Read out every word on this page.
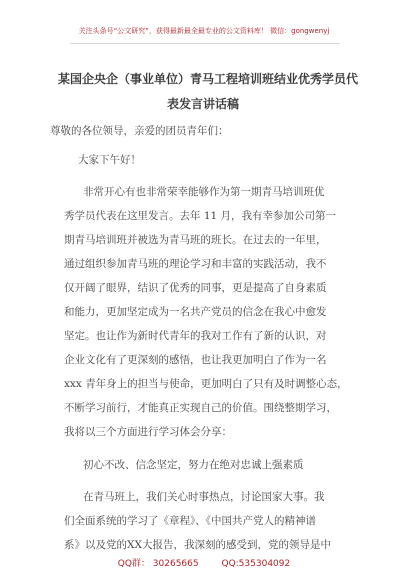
关注头条号“公文研究”，获得最新最全最专业的公文资料库！ 微信：gongwenyj
某国企央企（事业单位）青马工程培训班结业优秀学员代
表发言讲话稿
尊敬的各位领导，亲爱的团员青年们：
大家下午好！
非常开心有也非常荣幸能够作为第一期青马培训班优
秀学员代表在这里发言。去年 11 月，我有幸参加公司第一
期青马培训班并被选为青马班的班长。在过去的一年里，
通过组织参加青马班的理论学习和丰富的实践活动，我不
仅开阔了眼界，结识了优秀的同事，更是提高了自身素质
和能力，更加坚定成为一名共产党员的信念在我心中愈发
坚定。也让作为新时代青年的我对工作有了新的认识，对
企业文化有了更深刻的感悟，也让我更加明白了作为一名
xxx 青年身上的担当与使命，更加明白了只有及时调整心态，
不断学习前行，才能真正实现自己的价值。围绕整期学习，
我将以三个方面进行学习体会分享：
初心不改、信念坚定，努力在绝对忠诚上强素质
在青马班上，我们关心时事热点，讨论国家大事。我
们全面系统的学习了《章程》、《中国共产党人的精神谱
系》以及党的XX大报告，我深刻的感受到，党的领导是中
QQ群： 30265665	QQ:535304092
